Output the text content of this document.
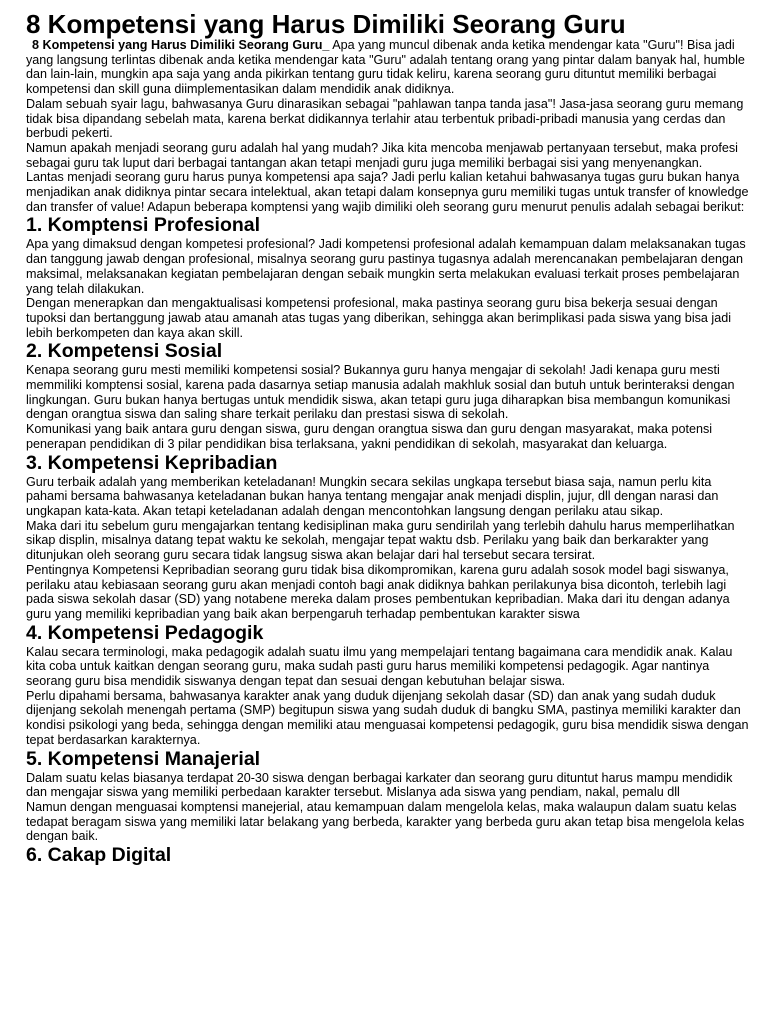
8 Kompetensi yang Harus Dimiliki Seorang Guru

8 Kompetensi yang Harus Dimiliki Seorang Guru_ Apa yang muncul dibenak anda ketika mendengar kata "Guru"! Bisa jadi yang langsung terlintas dibenak anda ketika mendengar kata "Guru" adalah tentang orang yang pintar dalam banyak hal, humble dan lain-lain, mungkin apa saja yang anda pikirkan tentang guru tidak keliru, karena seorang guru dituntut memiliki berbagai kompetensi dan skill guna diimplementasikan dalam mendidik anak didiknya.

Dalam sebuah syair lagu, bahwasanya Guru dinarasikan sebagai "pahlawan tanpa tanda jasa"! Jasa-jasa seorang guru memang tidak bisa dipandang sebelah mata, karena berkat didikannya terlahir atau terbentuk pribadi-pribadi manusia yang cerdas dan berbudi pekerti.

Namun apakah menjadi seorang guru adalah hal yang mudah? Jika kita mencoba menjawab pertanyaan tersebut, maka profesi sebagai guru tak luput dari berbagai tantangan akan tetapi menjadi guru juga memiliki berbagai sisi yang menyenangkan.

Lantas menjadi seorang guru harus punya kompetensi apa saja? Jadi perlu kalian ketahui bahwasanya tugas guru bukan hanya menjadikan anak didiknya pintar secara intelektual, akan tetapi dalam konsepnya guru memiliki tugas untuk transfer of knowledge dan transfer of value! Adapun beberapa komptensi yang wajib dimiliki oleh seorang guru menurut penulis adalah sebagai berikut:

1. Komptensi Profesional

Apa yang dimaksud dengan kompetesi profesional? Jadi kompetensi profesional adalah kemampuan dalam melaksanakan tugas dan tanggung jawab dengan profesional, misalnya seorang guru pastinya tugasnya adalah merencanakan pembelajaran dengan maksimal, melaksanakan kegiatan pembelajaran dengan sebaik mungkin serta melakukan evaluasi terkait proses pembelajaran yang telah dilakukan.

Dengan menerapkan dan mengaktualisasi kompetensi profesional, maka pastinya seorang guru bisa bekerja sesuai dengan tupoksi dan bertanggung jawab atau amanah atas tugas yang diberikan, sehingga akan berimplikasi pada siswa yang bisa jadi lebih berkompeten dan kaya akan skill.

2. Kompetensi Sosial

Kenapa seorang guru mesti memiliki kompetensi sosial? Bukannya guru hanya mengajar di sekolah! Jadi kenapa guru mesti memmiliki komptensi sosial, karena pada dasarnya setiap manusia adalah makhluk sosial dan butuh untuk berinteraksi dengan lingkungan. Guru bukan hanya bertugas untuk mendidik siswa, akan tetapi guru juga diharapkan bisa membangun komunikasi dengan orangtua siswa dan saling share terkait perilaku dan prestasi siswa di sekolah.

Komunikasi yang baik antara guru dengan siswa, guru dengan orangtua siswa dan guru dengan masyarakat, maka potensi penerapan pendidikan di 3 pilar pendidikan bisa terlaksana, yakni pendidikan di sekolah, masyarakat dan keluarga.

3. Kompetensi Kepribadian

Guru terbaik adalah yang memberikan keteladanan! Mungkin secara sekilas ungkapa tersebut biasa saja, namun perlu kita pahami bersama bahwasanya keteladanan bukan hanya tentang mengajar anak menjadi displin, jujur, dll dengan narasi dan ungkapan kata-kata. Akan tetapi keteladanan adalah dengan mencontohkan langsung dengan perilaku atau sikap.

Maka dari itu sebelum guru mengajarkan tentang kedisiplinan maka guru sendirilah yang terlebih dahulu harus memperlihatkan sikap displin, misalnya datang tepat waktu ke sekolah, mengajar tepat waktu dsb. Perilaku yang baik dan berkarakter yang ditunjukan oleh seorang guru secara tidak langsug siswa akan belajar dari hal tersebut secara tersirat.

Pentingnya Kompetensi Kepribadian seorang guru tidak bisa dikompromikan, karena guru adalah sosok model bagi siswanya, perilaku atau kebiasaan seorang guru akan menjadi contoh bagi anak didiknya bahkan perilakunya bisa dicontoh, terlebih lagi pada siswa sekolah dasar (SD) yang notabene mereka dalam proses pembentukan kepribadian. Maka dari itu dengan adanya guru yang memiliki kepribadian yang baik akan berpengaruh terhadap pembentukan karakter siswa

4. Kompetensi Pedagogik

Kalau secara terminologi, maka pedagogik adalah suatu ilmu yang mempelajari tentang bagaimana cara mendidik anak. Kalau kita coba untuk kaitkan dengan seorang guru, maka sudah pasti guru harus memiliki kompetensi pedagogik. Agar nantinya seorang guru bisa mendidik siswanya dengan tepat dan sesuai dengan kebutuhan belajar siswa.

Perlu dipahami bersama, bahwasanya karakter anak yang duduk dijenjang sekolah dasar (SD) dan anak yang sudah duduk dijenjang sekolah menengah pertama (SMP) begitupun siswa yang sudah duduk di bangku SMA, pastinya memiliki karakter dan kondisi psikologi yang beda, sehingga dengan memiliki atau menguasai kompetensi pedagogik, guru bisa mendidik siswa dengan tepat berdasarkan karakternya.

5. Kompetensi Manajerial

Dalam suatu kelas biasanya terdapat 20-30 siswa dengan berbagai karkater dan seorang guru dituntut harus mampu mendidik dan mengajar siswa yang memiliki perbedaan karakter tersebut. Mislanya ada siswa yang pendiam, nakal, pemalu dll

Namun dengan menguasai komptensi manejerial, atau kemampuan dalam mengelola kelas, maka walaupun dalam suatu kelas tedapat beragam siswa yang memiliki latar belakang yang berbeda, karakter yang berbeda guru akan tetap bisa mengelola kelas dengan baik.

6. Cakap Digital
